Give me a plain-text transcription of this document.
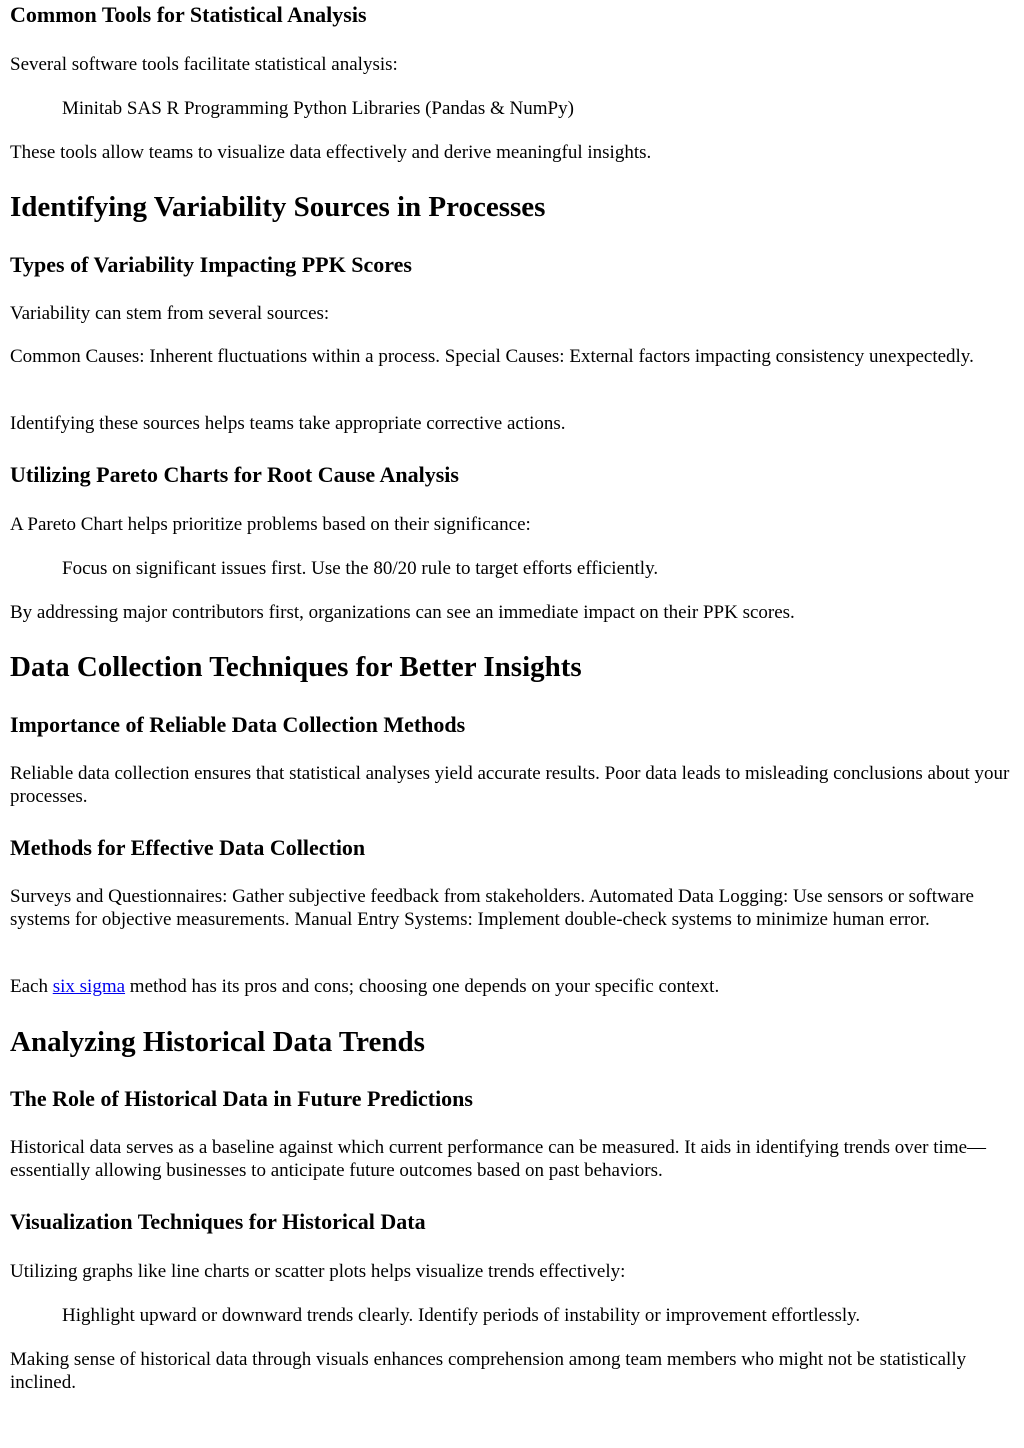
Common Tools for Statistical Analysis

Several software tools facilitate statistical analysis:

Minitab SAS R Programming Python Libraries (Pandas & NumPy)

These tools allow teams to visualize data effectively and derive meaningful insights.

Identifying Variability Sources in Processes
Types of Variability Impacting PPK Scores

Variability can stem from several sources:

Common Causes: Inherent fluctuations within a process. Special Causes: External factors impacting consistency unexpectedly.

Identifying these sources helps teams take appropriate corrective actions.

Utilizing Pareto Charts for Root Cause Analysis

A Pareto Chart helps prioritize problems based on their significance:

Focus on significant issues first. Use the 80/20 rule to target efforts efficiently.

By addressing major contributors first, organizations can see an immediate impact on their PPK scores.

Data Collection Techniques for Better Insights
Importance of Reliable Data Collection Methods

Reliable data collection ensures that statistical analyses yield accurate results. Poor data leads to misleading conclusions about your processes.

Methods for Effective Data Collection

Surveys and Questionnaires: Gather subjective feedback from stakeholders. Automated Data Logging: Use sensors or software systems for objective measurements. Manual Entry Systems: Implement double-check systems to minimize human error.

Each six sigma method has its pros and cons; choosing one depends on your specific context.

Analyzing Historical Data Trends
The Role of Historical Data in Future Predictions

Historical data serves as a baseline against which current performance can be measured. It aids in identifying trends over time—essentially allowing businesses to anticipate future outcomes based on past behaviors.

Visualization Techniques for Historical Data

Utilizing graphs like line charts or scatter plots helps visualize trends effectively:

Highlight upward or downward trends clearly. Identify periods of instability or improvement effortlessly.

Making sense of historical data through visuals enhances comprehension among team members who might not be statistically inclined.
